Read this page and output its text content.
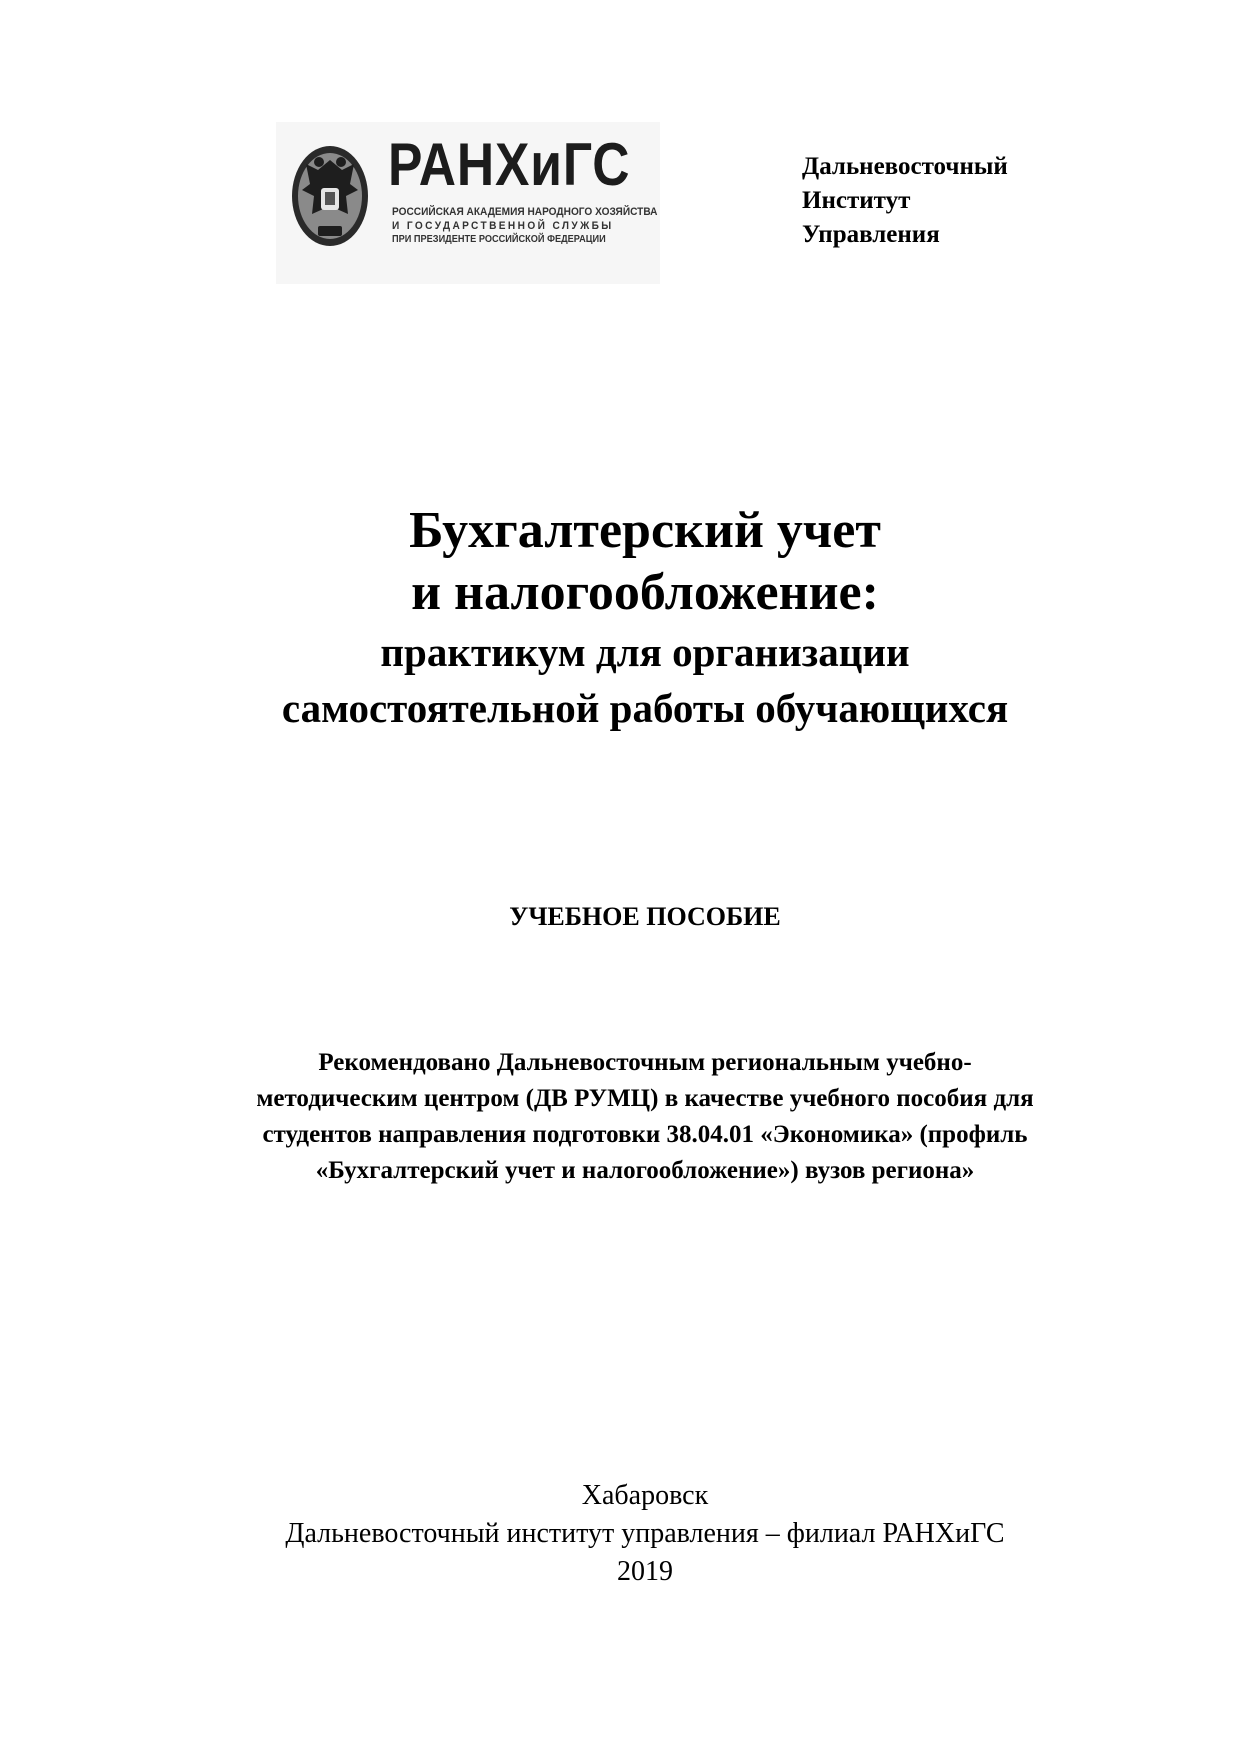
РАНХиГС
РОССИЙСКАЯ АКАДЕМИЯ НАРОДНОГО ХОЗЯЙСТВА
И ГОСУДАРСТВЕННОЙ СЛУЖБЫ
ПРИ ПРЕЗИДЕНТЕ РОССИЙСКОЙ ФЕДЕРАЦИИ
Дальневосточный
Институт
Управления
Бухгалтерский учет
и налогообложение:
практикум для организации
самостоятельной работы обучающихся
УЧЕБНОЕ ПОСОБИЕ
Рекомендовано Дальневосточным региональным учебно-
методическим центром (ДВ РУМЦ) в качестве учебного пособия для
студентов направления подготовки 38.04.01 «Экономика» (профиль
«Бухгалтерский учет и налогообложение») вузов региона»
Хабаровск
Дальневосточный институт управления – филиал РАНХиГС
2019
